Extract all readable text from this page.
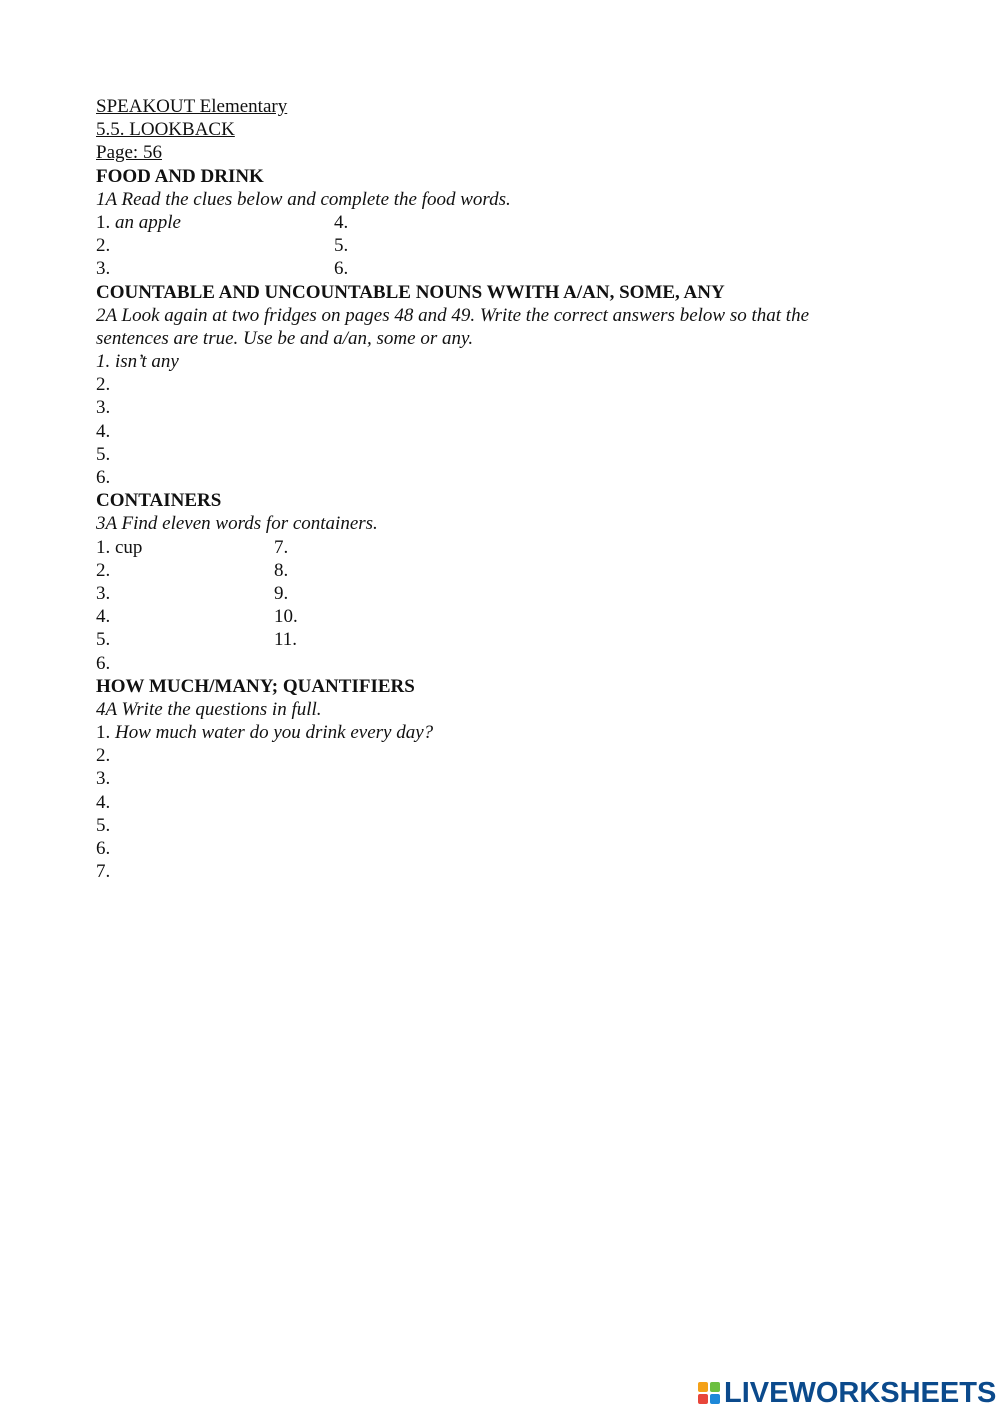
SPEAKOUT Elementary
5.5. LOOKBACK
Page: 56
FOOD AND DRINK
1A Read the clues below and complete the food words.
1. an apple	4.
2.	5.
3.	6.
COUNTABLE AND UNCOUNTABLE NOUNS WWITH A/AN, SOME, ANY
2A Look again at two fridges on pages 48 and 49. Write the correct answers below so that the sentences are true. Use be and a/an, some or any.
1. isn’t any
2.
3.
4.
5.
6.
CONTAINERS
3A Find eleven words for containers.
1. cup	7.
2.	8.
3.	9.
4.	10.
5.	11.
6.
HOW MUCH/MANY; QUANTIFIERS
4A Write the questions in full.
1. How much water do you drink every day?
2.
3.
4.
5.
6.
7.
LIVEWORKSHEETS
